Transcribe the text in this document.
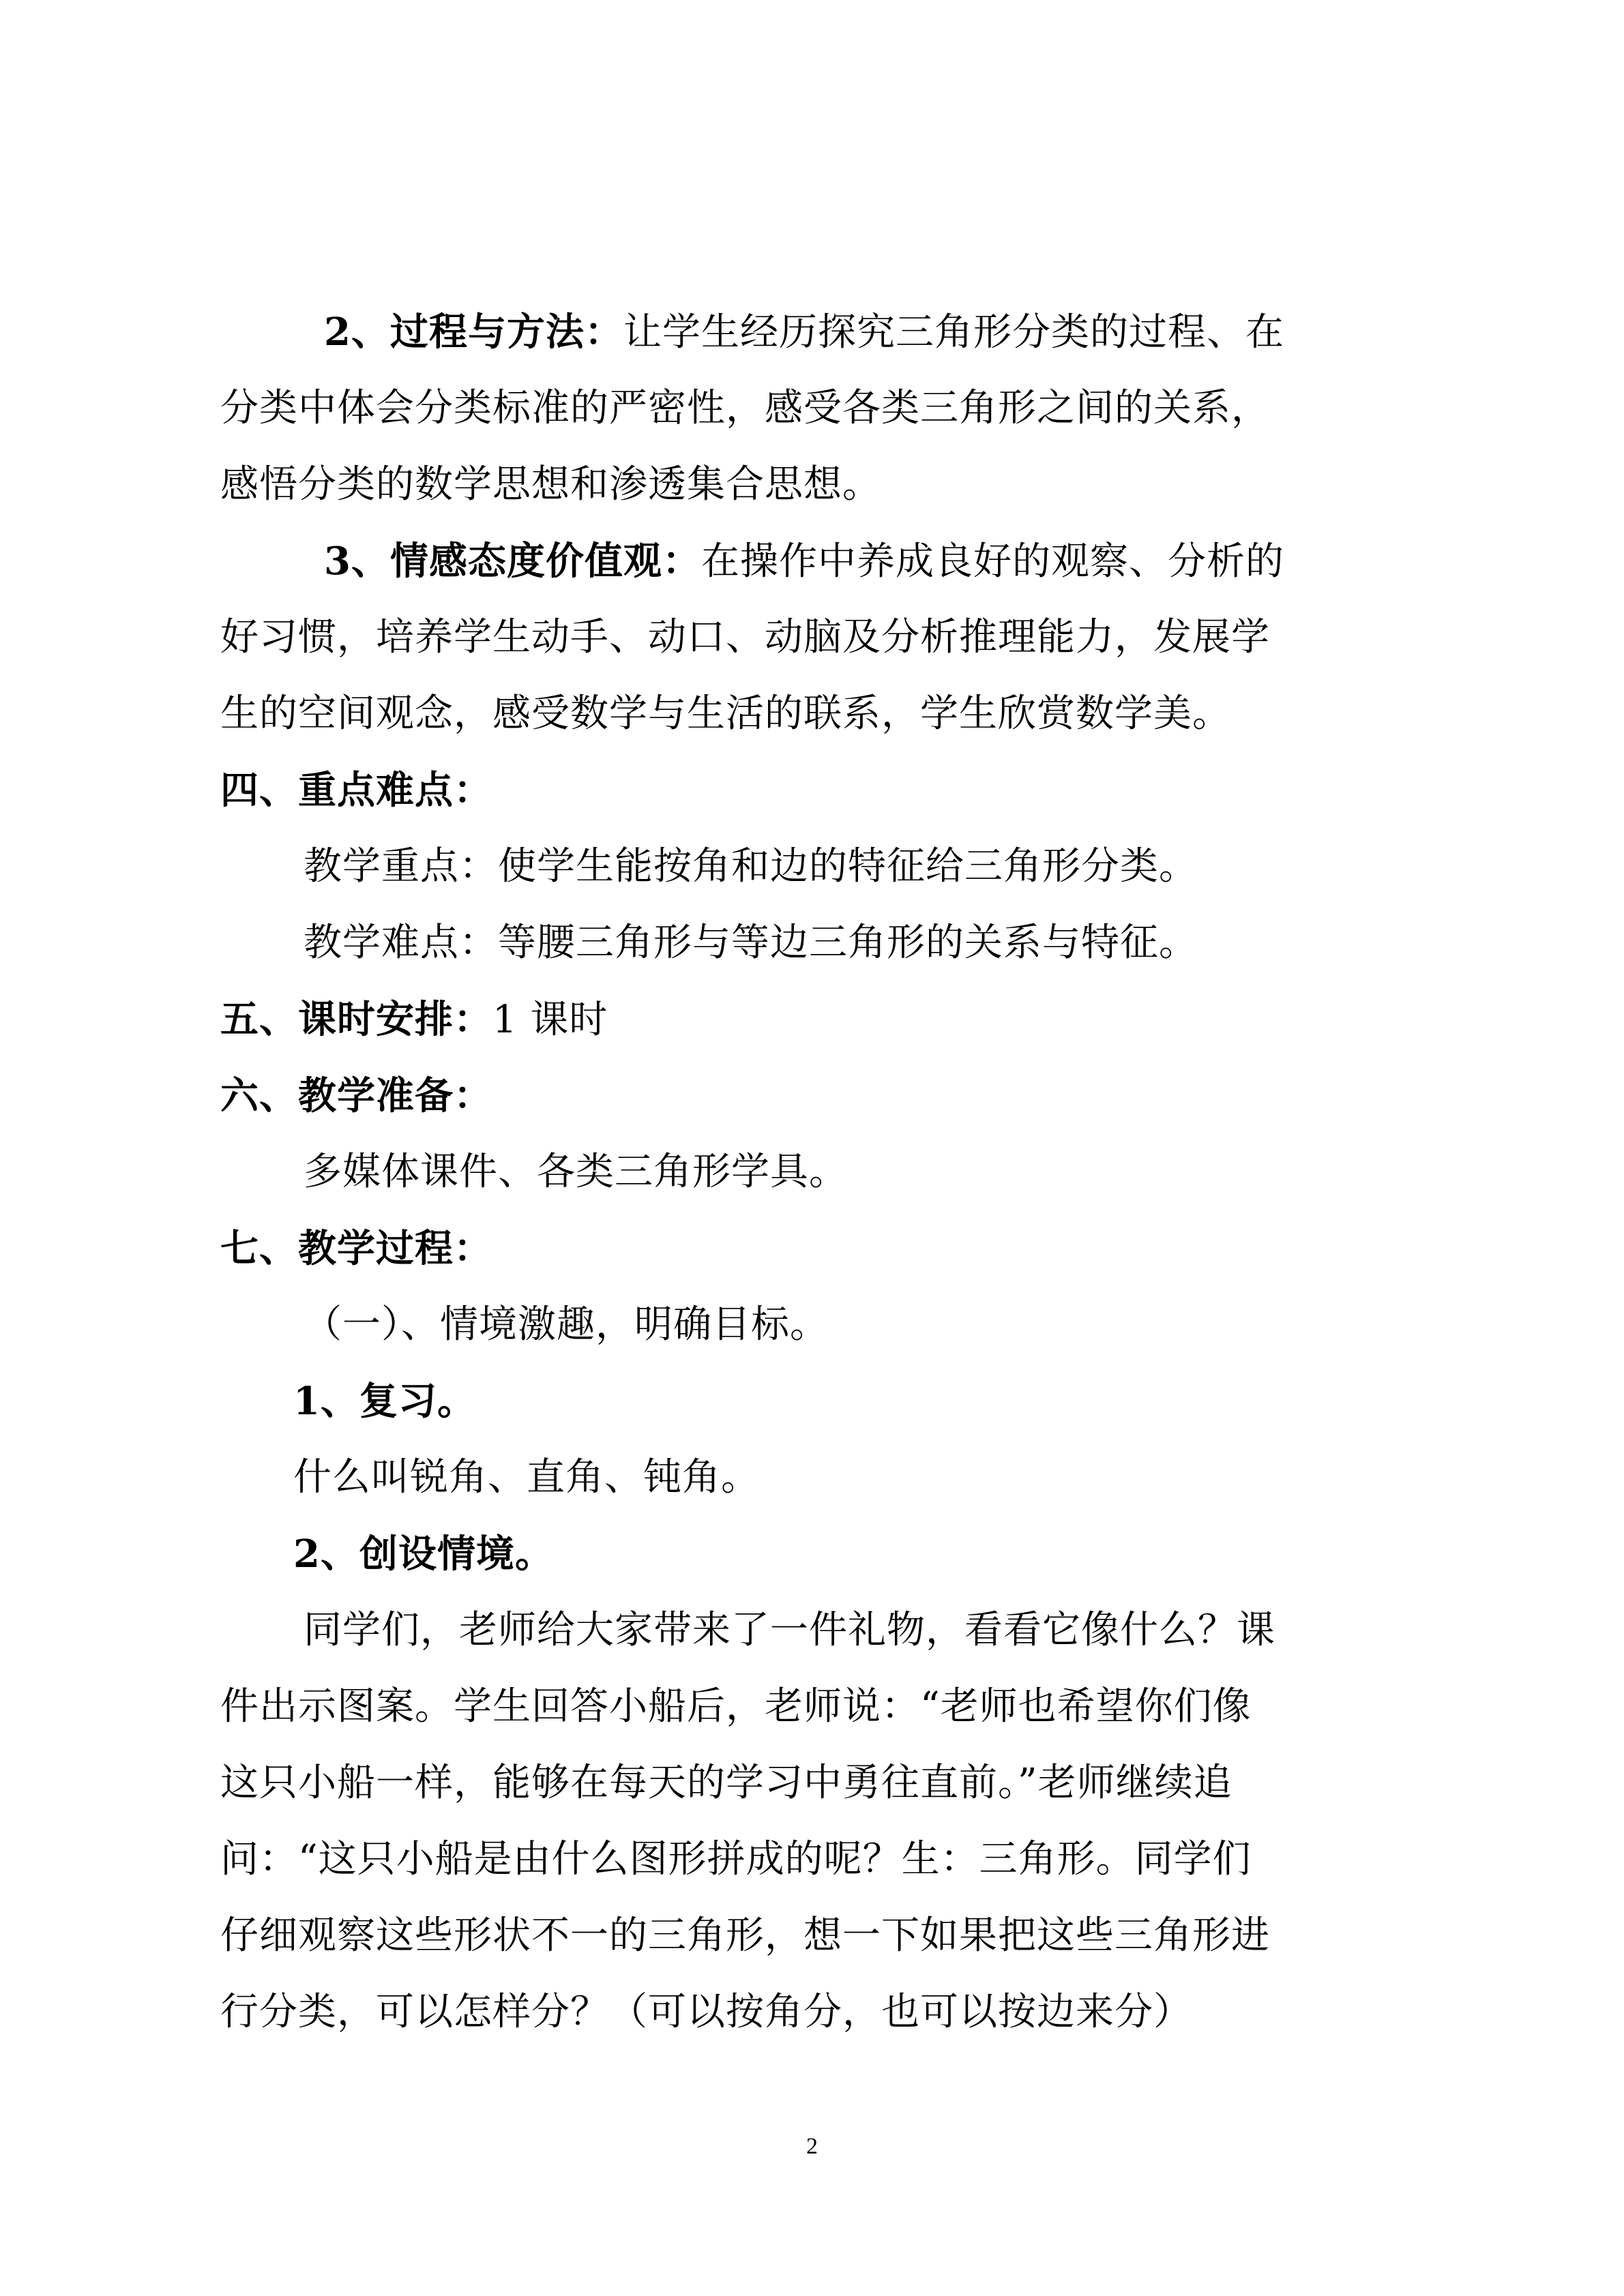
2、过程与方法：让学生经历探究三角形分类的过程、在
分类中体会分类标准的严密性，感受各类三角形之间的关系，
感悟分类的数学思想和渗透集合思想。
3、情感态度价值观：在操作中养成良好的观察、分析的
好习惯，培养学生动手、动口、动脑及分析推理能力，发展学
生的空间观念，感受数学与生活的联系，学生欣赏数学美。
四、重点难点：
教学重点：使学生能按角和边的特征给三角形分类。
教学难点：等腰三角形与等边三角形的关系与特征。
五、课时安排：1 课时
六、教学准备：
多媒体课件、各类三角形学具。
七、教学过程：
（一）、情境激趣，明确目标。
1、复习。
什么叫锐角、直角、钝角。
2、创设情境。
同学们，老师给大家带来了一件礼物，看看它像什么？课
件出示图案。学生回答小船后，老师说：“老师也希望你们像
这只小船一样，能够在每天的学习中勇往直前。”老师继续追
问：“这只小船是由什么图形拼成的呢？生：三角形。同学们
仔细观察这些形状不一的三角形，想一下如果把这些三角形进
行分类，可以怎样分？（可以按角分，也可以按边来分）
2
